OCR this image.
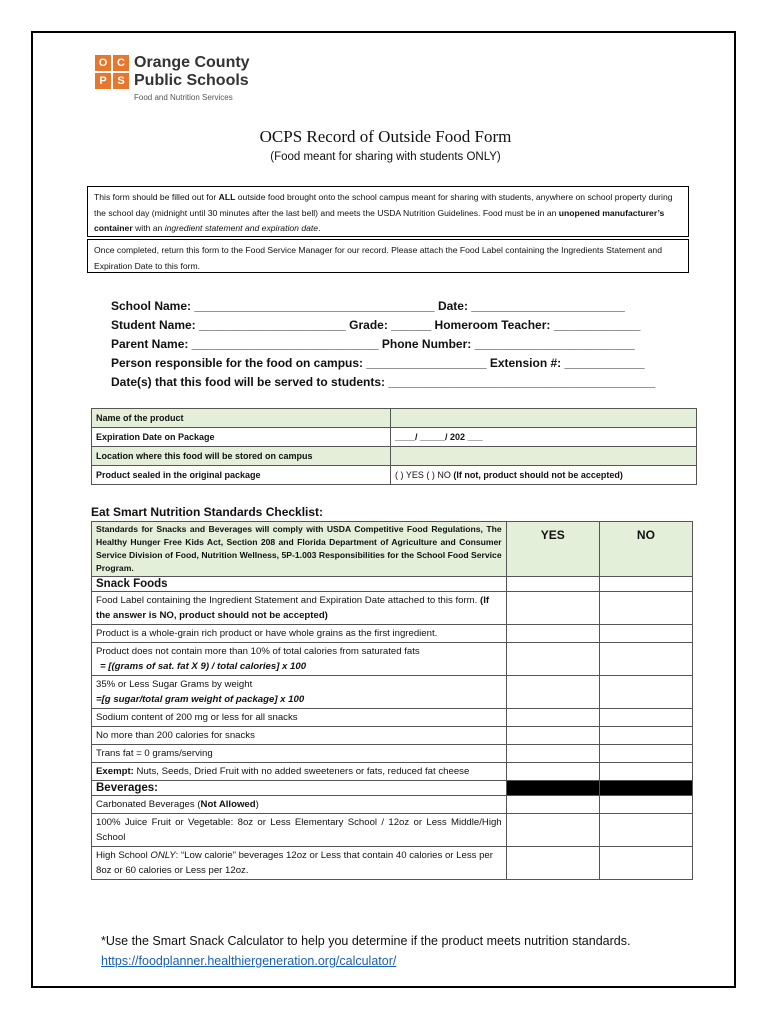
O C
P S
Orange County
Public Schools
Food and Nutrition Services
OCPS Record of Outside Food Form
(Food meant for sharing with students ONLY)
This form should be filled out for ALL outside food brought onto the school campus meant for sharing with students, anywhere on school property during the school day (midnight until 30 minutes after the last bell) and meets the USDA Nutrition Guidelines. Food must be in an unopened manufacturer’s container with an ingredient statement and expiration date.
Once completed, return this form to the Food Service Manager for our record. Please attach the Food Label containing the Ingredients Statement and Expiration Date to this form.
School Name: ____________________________________ Date: _______________________
Student Name: ______________________ Grade: ______ Homeroom Teacher: _____________
Parent Name: ____________________________ Phone Number: ________________________
Person responsible for the food on campus: __________________ Extension #: ____________
Date(s) that this food will be served to students: ________________________________________
Name of the product	
Expiration Date on Package	____/ _____/ 202 ___
Location where this food will be stored on campus	
Product sealed in the original package	( ) YES ( ) NO (If not, product should not be accepted)
Eat Smart Nutrition Standards Checklist:
Standards for Snacks and Beverages will comply with USDA Competitive Food Regulations, The Healthy Hunger Free Kids Act, Section 208 and Florida Department of Agriculture and Consumer Service Division of Food, Nutrition Wellness, 5P-1.003 Responsibilities for the School Food Service Program.	YES	NO
Snack Foods		
Food Label containing the Ingredient Statement and Expiration Date attached to this form. (If the answer is NO, product should not be accepted)		
Product is a whole-grain rich product or have whole grains as the first ingredient.		

Product does not contain more than 10% of total calories from saturated fats
= [(grams of sat. fat X 9) / total calories] x 100		

35% or Less Sugar Grams by weight
=[g sugar/total gram weight of package] x 100		

Sodium content of 200 mg or less for all snacks		
No more than 200 calories for snacks		
Trans fat = 0 grams/serving		
Exempt: Nuts, Seeds, Dried Fruit with no added sweeteners or fats, reduced fat cheese		
Beverages:		
Carbonated Beverages (Not Allowed)		
100% Juice Fruit or Vegetable: 8oz or Less Elementary School / 12oz or Less Middle/High School		
High School ONLY: “Low calorie” beverages 12oz or Less that contain 40 calories or Less per 8oz or 60 calories or Less per 12oz.		
*Use the Smart Snack Calculator to help you determine if the product meets nutrition standards. https://foodplanner.healthiergeneration.org/calculator/
